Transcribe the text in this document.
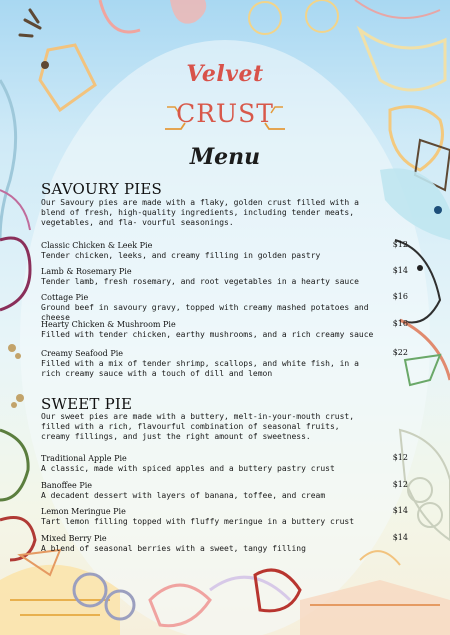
Velvet
CRUST
Menu
SAVOURY PIES
Our Savoury pies are made with a flaky, golden crust filled with a blend of fresh, high-quality ingredients, including tender meats, vegetables, and fla- vourful seasonings.
Classic Chicken & Leek Pie
Tender chicken, leeks, and creamy filling in golden pastry
$12
Lamb & Rosemary Pie
Tender lamb, fresh rosemary, and root vegetables in a hearty sauce
$14
Cottage Pie
Ground beef in savoury gravy, topped with creamy mashed potatoes and cheese
$16
Hearty Chicken & Mushroom Pie
Filled with tender chicken, earthy mushrooms, and a rich creamy sauce
$16
Creamy Seafood Pie
Filled with a mix of tender shrimp, scallops, and white fish, in a rich creamy sauce with a touch of dill and lemon
$22
SWEET PIE
Our sweet pies are made with a buttery, melt-in-your-mouth crust, filled with a rich, flavourful combination of seasonal fruits, creamy fillings, and just the right amount of sweetness.
Traditional Apple Pie
A classic, made with spiced apples and a buttery pastry crust
$12
Banoffee Pie
A decadent dessert with layers of banana, toffee, and cream
$12
Lemon Meringue Pie
Tart lemon filling topped with fluffy meringue in a buttery crust
$14
Mixed Berry Pie
A blend of seasonal berries with a sweet, tangy filling
$14
